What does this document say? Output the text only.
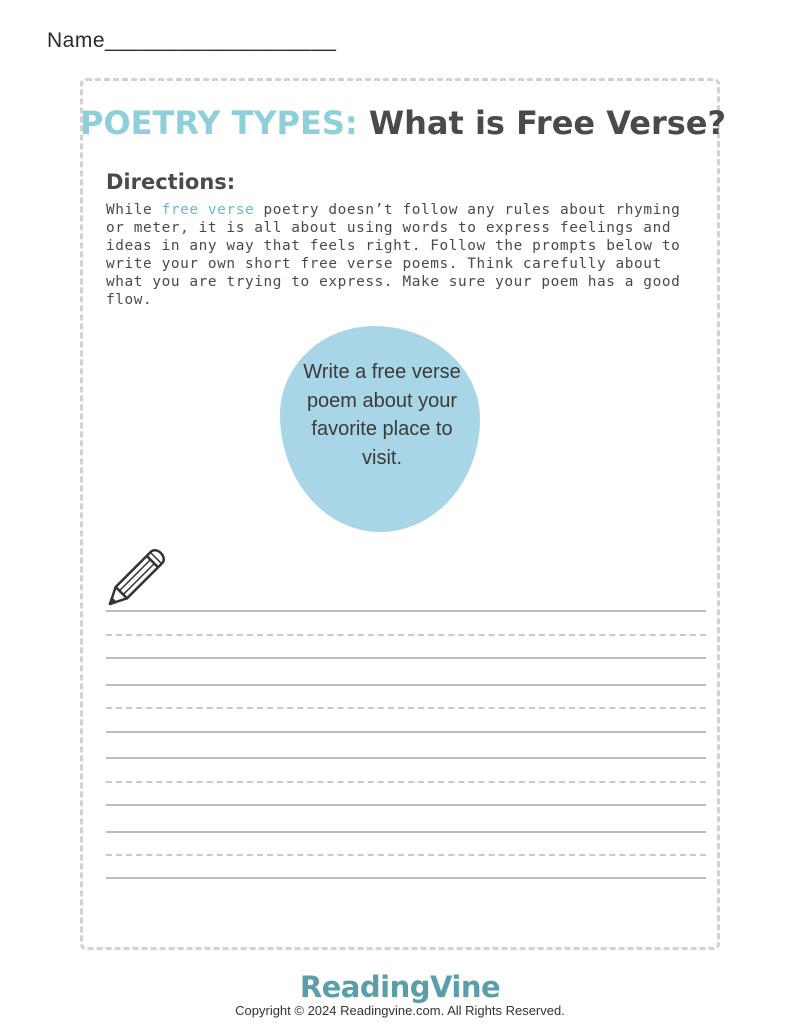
Name___________________
POETRY TYPES: What is Free Verse?
Directions:
While free verse poetry doesn’t follow any rules about rhyming or meter, it is all about using words to express feelings and ideas in any way that feels right. Follow the prompts below to write your own short free verse poems. Think carefully about what you are trying to express. Make sure your poem has a good flow.
Write a free verse poem about your favorite place to visit.
ReadingVine
Copyright © 2024 Readingvine.com. All Rights Reserved.
